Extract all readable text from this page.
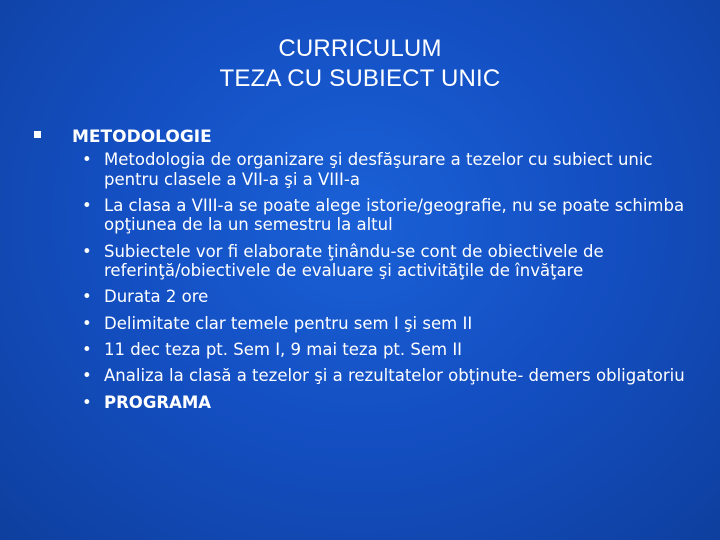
CURRICULUM
TEZA CU SUBIECT UNIC
METODOLOGIE
• Metodologia de organizare şi desfăşurare a tezelor cu subiect unic pentru clasele a VII-a şi a VIII-a
• La clasa a VIII-a se poate alege istorie/geografie, nu se poate schimba opţiunea de la un semestru la altul
• Subiectele vor fi elaborate ţinându-se cont de obiectivele de referinţă/obiectivele de evaluare şi activităţile de învăţare
• Durata 2 ore
• Delimitate clar temele pentru sem I şi sem II
• 11 dec teza pt. Sem I, 9 mai teza pt. Sem II
• Analiza la clasă a tezelor şi a rezultatelor obţinute- demers obligatoriu
• PROGRAMA
